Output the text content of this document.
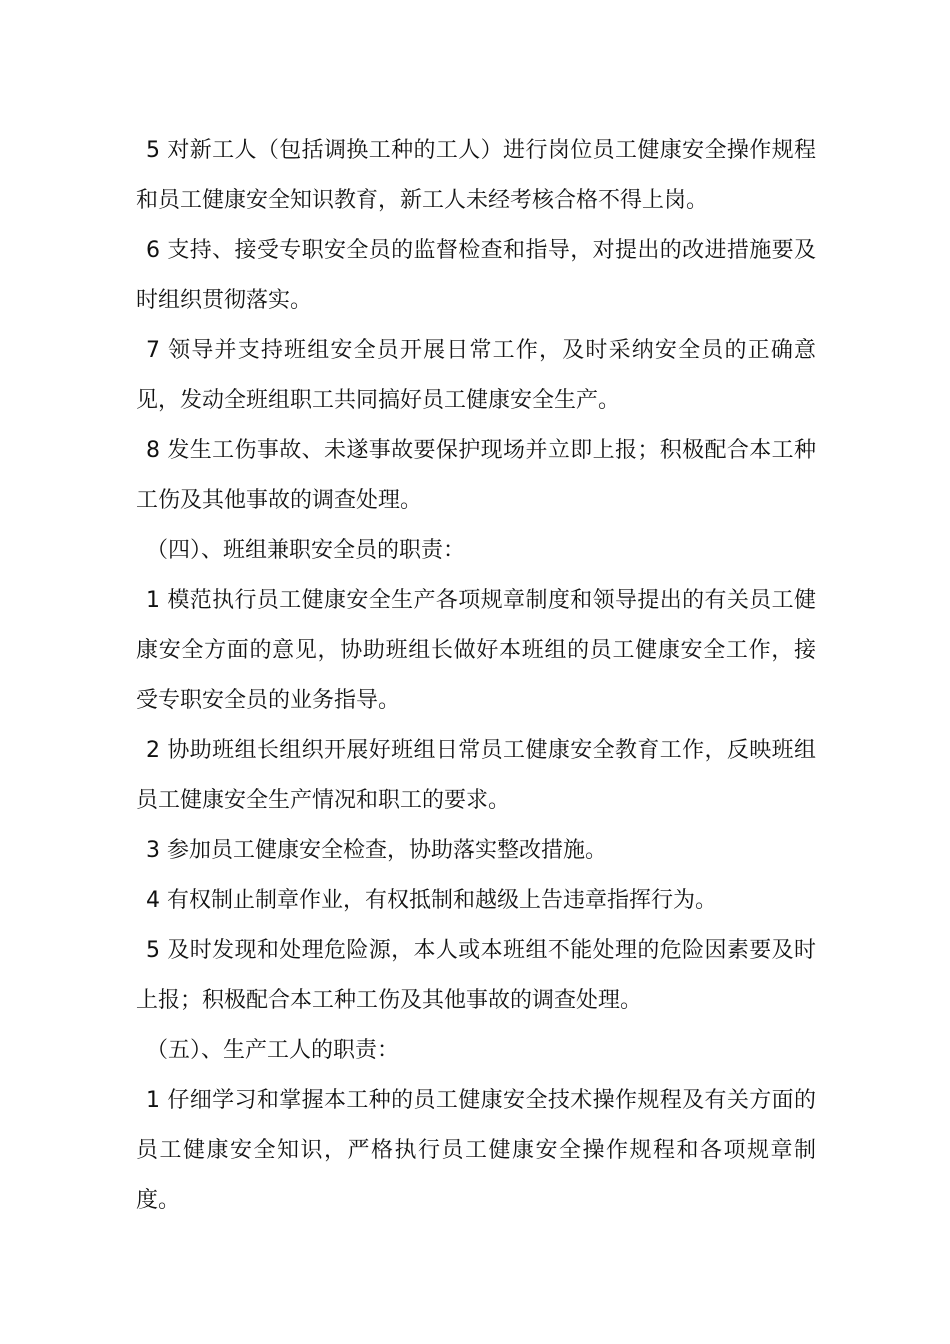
5 对新工人（包括调换工种的工人）进行岗位员工健康安全操作规程和员工健康安全知识教育，新工人未经考核合格不得上岗。

6 支持、接受专职安全员的监督检查和指导，对提出的改进措施要及时组织贯彻落实。

7 领导并支持班组安全员开展日常工作，及时采纳安全员的正确意见，发动全班组职工共同搞好员工健康安全生产。

8 发生工伤事故、未遂事故要保护现场并立即上报；积极配合本工种工伤及其他事故的调查处理。

（四）、班组兼职安全员的职责：

1 模范执行员工健康安全生产各项规章制度和领导提出的有关员工健康安全方面的意见，协助班组长做好本班组的员工健康安全工作，接受专职安全员的业务指导。

2 协助班组长组织开展好班组日常员工健康安全教育工作，反映班组员工健康安全生产情况和职工的要求。

3 参加员工健康安全检查，协助落实整改措施。

4 有权制止制章作业，有权抵制和越级上告违章指挥行为。

5 及时发现和处理危险源，本人或本班组不能处理的危险因素要及时上报；积极配合本工种工伤及其他事故的调查处理。

（五）、生产工人的职责：

1 仔细学习和掌握本工种的员工健康安全技术操作规程及有关方面的员工健康安全知识，严格执行员工健康安全操作规程和各项规章制度。
